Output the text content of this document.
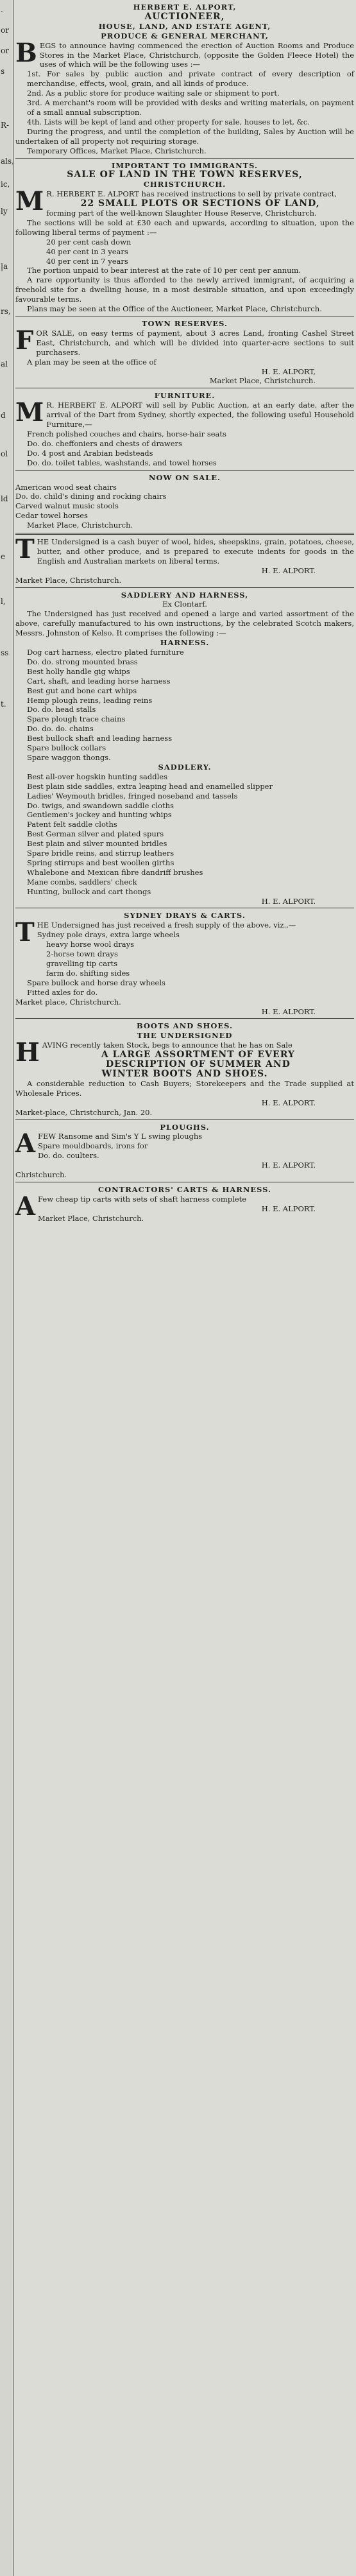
.
or
or
s
R-
als,
ic,
ly
|a
rs,
al
d
ol
ld
e
l,
ss
t.
HERBERT E. ALPORT,
AUCTIONEER,
HOUSE, LAND, AND ESTATE AGENT,
PRODUCE & GENERAL MERCHANT,

BEGS to announce having commenced the erection of Auction Rooms and Produce Stores in the Market Place, Christchurch, (opposite the Golden Fleece Hotel) the uses of which will be the following uses :—

1st. For sales by public auction and private contract of every description of merchandise, effects, wool, grain, and all kinds of produce.

2nd. As a public store for produce waiting sale or shipment to port.

3rd. A merchant's room will be provided with desks and writing materials, on payment of a small annual subscription.

4th. Lists will be kept of land and other property for sale, houses to let, &c.

During the progress, and until the completion of the building, Sales by Auction will be undertaken of all property not requiring storage.

Temporary Offices, Market Place, Christchurch.

IMPORTANT TO IMMIGRANTS.
SALE OF LAND IN THE TOWN RESERVES,
CHRISTCHURCH.

M R. HERBERT E. ALPORT has received instructions to sell by private contract,

22 SMALL PLOTS OR SECTIONS OF LAND,

forming part of the well-known Slaughter House Reserve, Christchurch.

The sections will be sold at £30 each and upwards, according to situation, upon the following liberal terms of payment :—

20 per cent cash down

40 per cent in 3 years

40 per cent in 7 years

The portion unpaid to bear interest at the rate of 10 per cent per annum.

A rare opportunity is thus afforded to the newly arrived immigrant, of acquiring a freehold site for a dwelling house, in a most desirable situation, and upon exceedingly favourable terms.

Plans may be seen at the Office of the Auctioneer, Market Place, Christchurch.

TOWN RESERVES.

FOR SALE, on easy terms of payment, about 3 acres Land, fronting Cashel Street East, Christchurch, and which will be divided into quarter-acre sections to suit purchasers.

A plan may be seen at the office of

H. E. ALPORT,
Market Place, Christchurch.
FURNITURE.

M R. HERBERT E. ALPORT will sell by Public Auction, at an early date, after the arrival of the Dart from Sydney, shortly expected, the following useful Household Furniture,—

French polished couches and chairs, horse-hair seats

Do. do. cheffoniers and chests of drawers

Do. 4 post and Arabian bedsteads

Do. do. toilet tables, washstands, and towel horses

NOW ON SALE.

American wood seat chairs

Do. do. child's dining and rocking chairs

Carved walnut music stools

Cedar towel horses

Market Place, Christchurch.

THE Undersigned is a cash buyer of wool, hides, sheepskins, grain, potatoes, cheese, butter, and other produce, and is prepared to execute indents for goods in the English and Australian markets on liberal terms.

H. E. ALPORT.

Market Place, Christchurch.

SADDLERY AND HARNESS,
Ex Clontarf.

The Undersigned has just received and opened a large and varied assortment of the above, carefully manufactured to his own instructions, by the celebrated Scotch makers, Messrs. Johnston of Kelso. It comprises the following :—

HARNESS.

Dog cart harness, electro plated furniture

Do. do. strong mounted brass

Best holly handle gig whips

Cart, shaft, and leading horse harness

Best gut and bone cart whips

Hemp plough reins, leading reins

Do. do. head stalls

Spare plough trace chains

Do. do. do. chains

Best bullock shaft and leading harness

Spare bullock collars

Spare waggon thongs.

SADDLERY.

Best all-over hogskin hunting saddles

Best plain side saddles, extra leaping head and enamelled slipper

Ladies' Weymouth bridles, fringed noseband and tassels

Do. twigs, and swandown saddle cloths

Gentlemen's jockey and hunting whips

Patent felt saddle cloths

Best German silver and plated spurs

Best plain and silver mounted bridles

Spare bridle reins, and stirrup leathers

Spring stirrups and best woollen girths

Whalebone and Mexican fibre dandriff brushes

Mane combs, saddlers' check

Hunting, bullock and cart thongs

H. E. ALPORT.
SYDNEY DRAYS & CARTS.

THE Undersigned has just received a fresh supply of the above, viz.,—

Sydney pole drays, extra large wheels

heavy horse wool drays

2-horse town drays

gravelling tip carts

farm do. shifting sides

Spare bullock and horse dray wheels

Fitted axles for do.

Market place, Christchurch.

H. E. ALPORT.
BOOTS AND SHOES.
THE UNDERSIGNED

HAVING recently taken Stock, begs to announce that he has on Sale

A LARGE ASSORTMENT OF EVERY
DESCRIPTION OF SUMMER AND
WINTER BOOTS AND SHOES.

A considerable reduction to Cash Buyers; Storekeepers and the Trade supplied at Wholesale Prices.

H. E. ALPORT.

Market-place, Christchurch, Jan. 20.

PLOUGHS.

AFEW Ransome and Sim's Y L swing ploughs

Spare mouldboards, irons for

Do. do. coulters.

H. E. ALPORT.

Christchurch.

CONTRACTORS' CARTS & HARNESS.

A Few cheap tip carts with sets of shaft harness complete

H. E. ALPORT.

Market Place, Christchurch.
